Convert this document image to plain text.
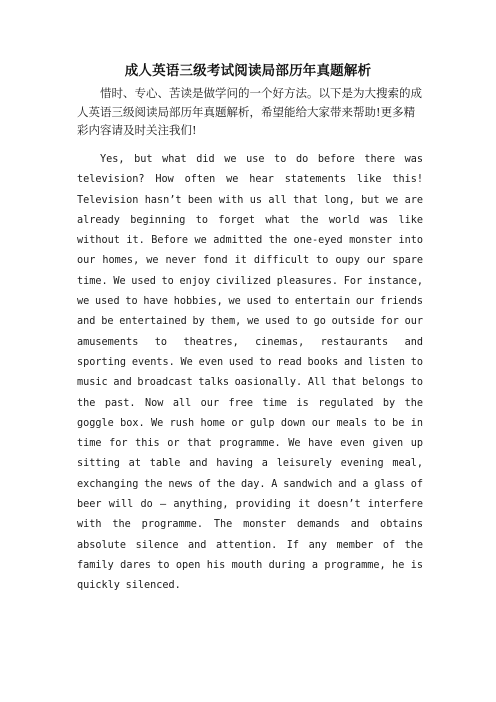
成人英语三级考试阅读局部历年真题解析

惜时、专心、苦读是做学问的一个好方法。以下是为大搜索的成人英语三级阅读局部历年真题解析，希望能给大家带来帮助!更多精彩内容请及时关注我们!

Yes, but what did we use to do before there was television? How often we hear statements like this! Television hasn’t been with us all that long, but we are already beginning to forget what the world was like without it. Before we admitted the one-eyed monster into our homes, we never fond it difficult to oupy our spare time. We used to enjoy civilized pleasures. For instance, we used to have hobbies, we used to entertain our friends and be entertained by them, we used to go outside for our amusements to theatres, cinemas, restaurants and sporting events. We even used to read books and listen to music and broadcast talks oasionally. All that belongs to the past. Now all our free time is regulated by the goggle box. We rush home or gulp down our meals to be in time for this or that programme. We have even given up sitting at table and having a leisurely evening meal, exchanging the news of the day. A sandwich and a glass of beer will do – anything, providing it doesn’t interfere with the programme. The monster demands and obtains absolute silence and attention. If any member of the family dares to open his mouth during a programme, he is quickly silenced.
